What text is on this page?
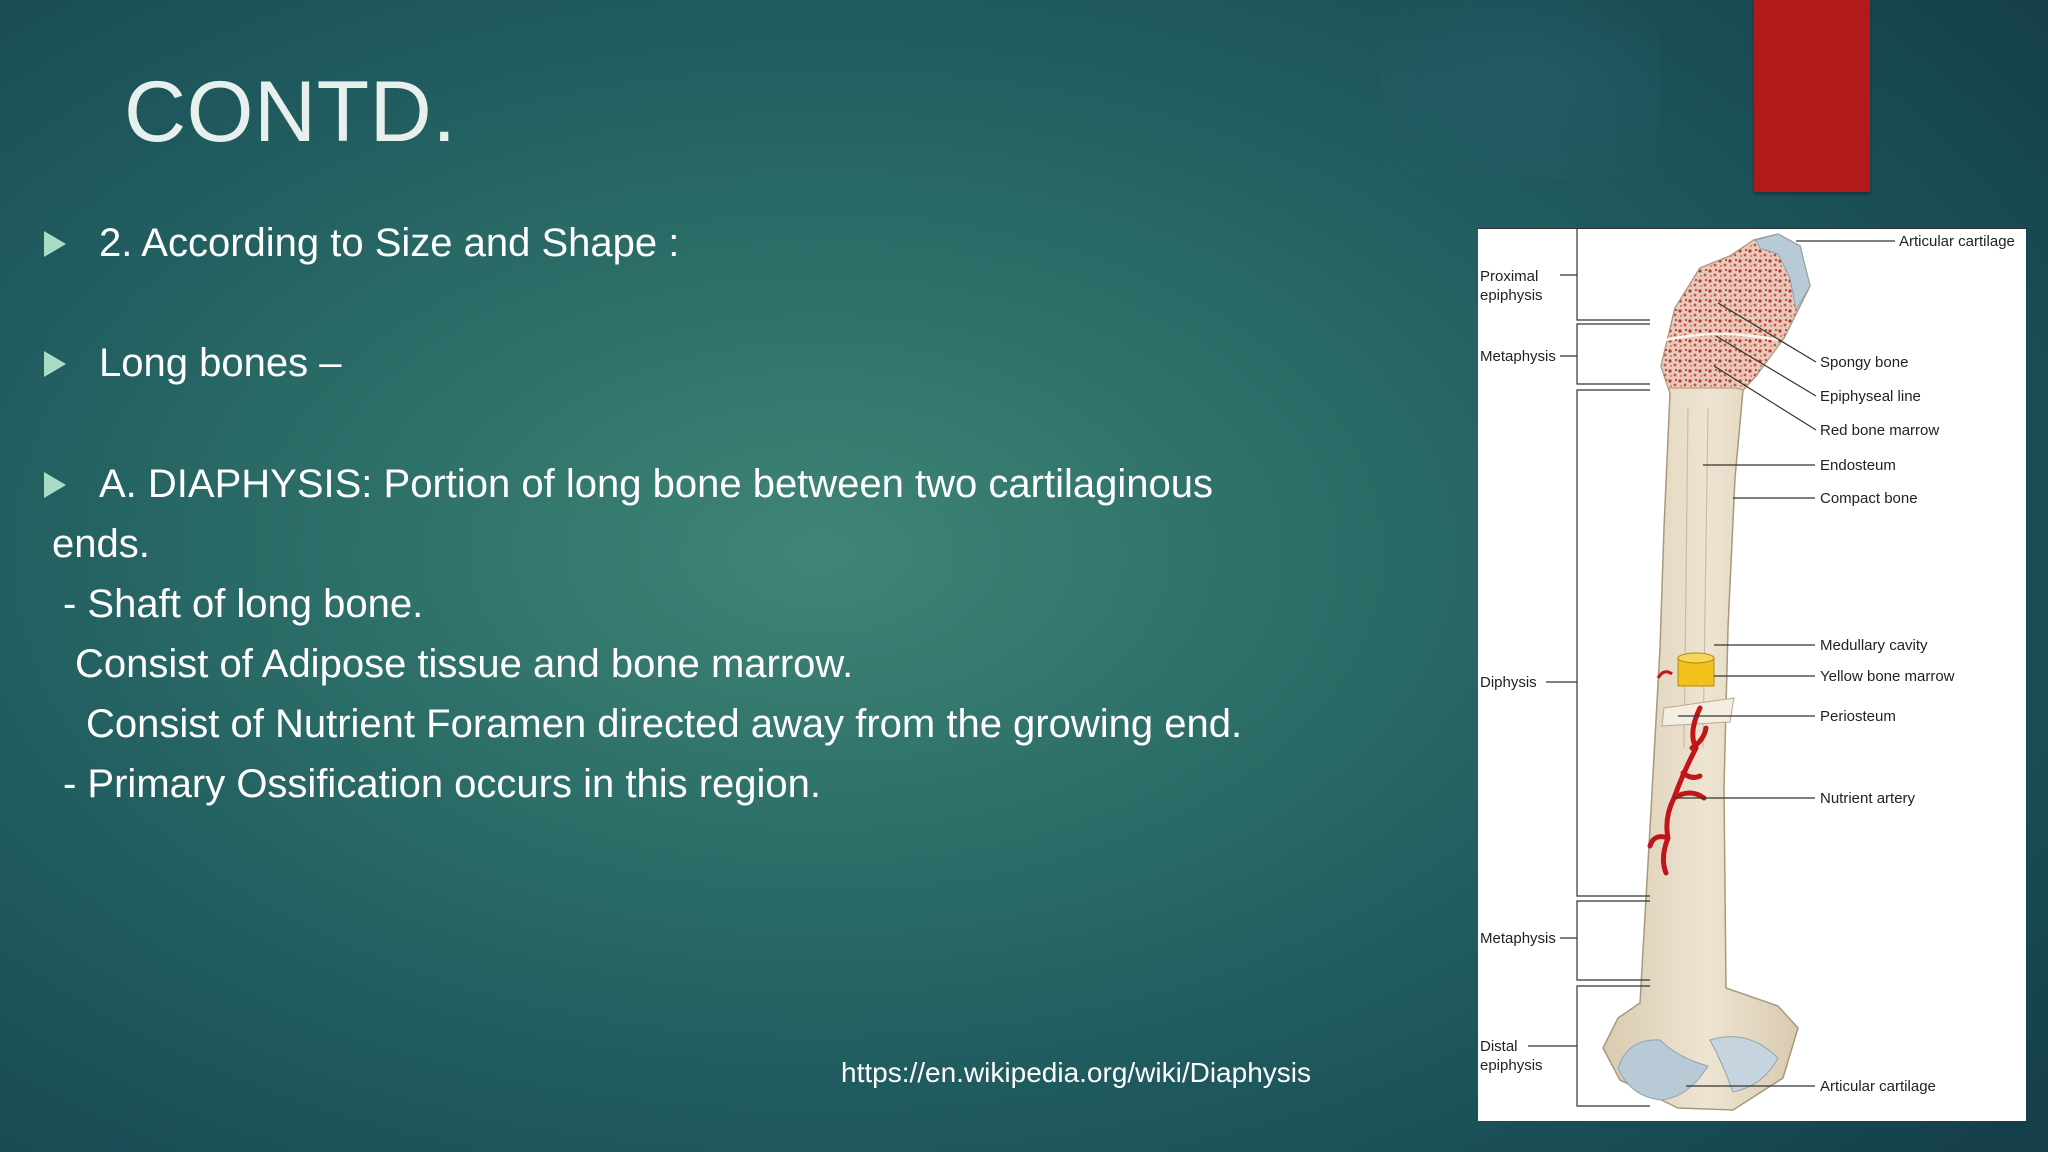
CONTD.
2. According to Size and Shape :
Long bones –
A. DIAPHYSIS: Portion of long bone between two cartilaginous
ends.
- Shaft of long bone.
Consist of Adipose tissue and bone marrow.
Consist of Nutrient Foramen directed away from the growing end.
- Primary Ossification occurs in this region.
https://en.wikipedia.org/wiki/Diaphysis
Proximal
epiphysis
Metaphysis
Diphysis
Metaphysis
Distal
epiphysis
Articular cartilage
Spongy bone
Epiphyseal line
Red bone marrow
Endosteum
Compact bone
Medullary cavity
Yellow bone marrow
Periosteum
Nutrient artery
Articular cartilage
